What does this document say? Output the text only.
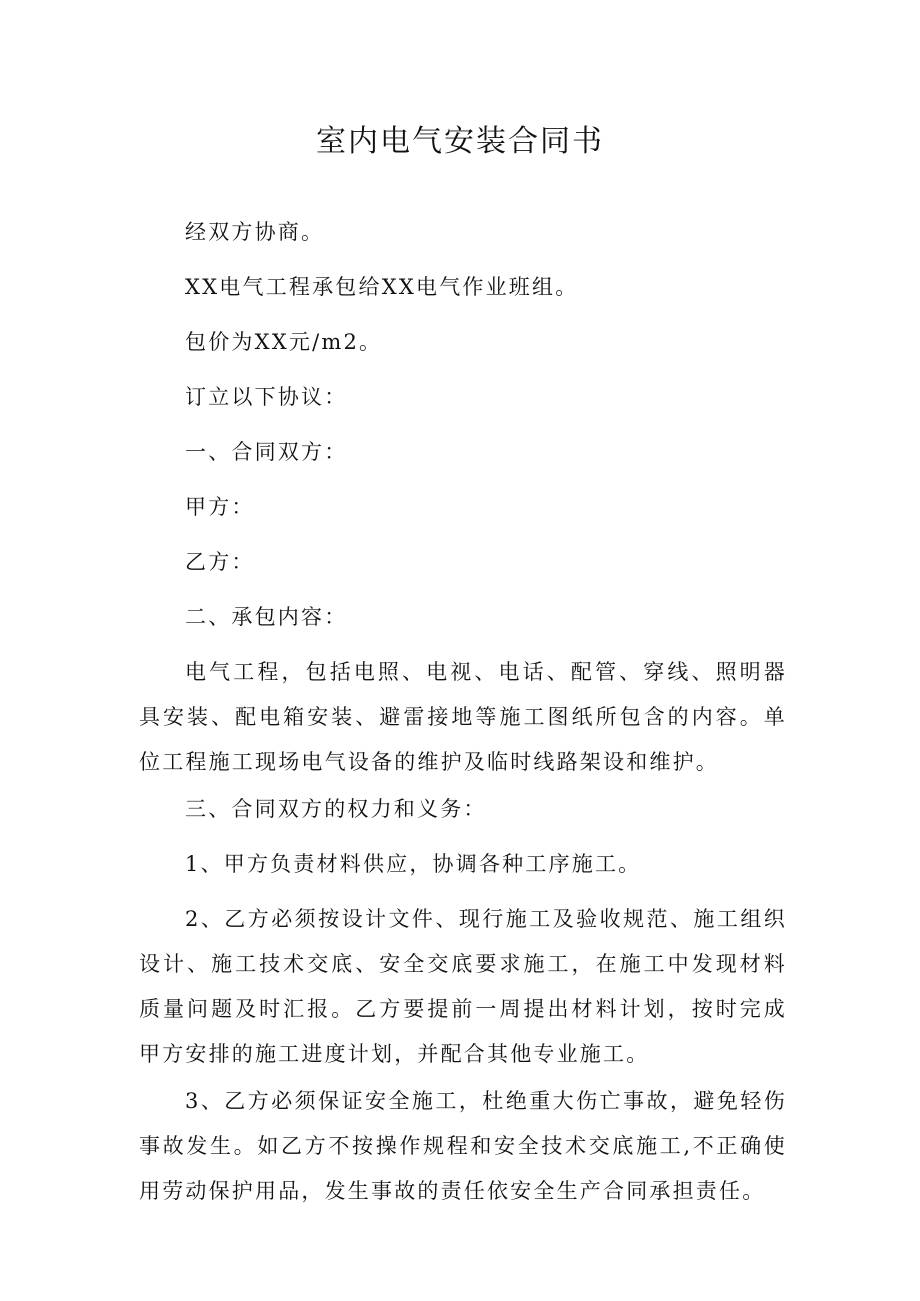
室内电气安装合同书

经双方协商。

XX电气工程承包给XX电气作业班组。

包价为XX元/m2。

订立以下协议：

一、合同双方：

甲方：

乙方：

二、承包内容：

电气工程，包括电照、电视、电话、配管、穿线、照明器具安装、配电箱安装、避雷接地等施工图纸所包含的内容。单位工程施工现场电气设备的维护及临时线路架设和维护。

三、合同双方的权力和义务：

1、甲方负责材料供应，协调各种工序施工。

2、乙方必须按设计文件、现行施工及验收规范、施工组织设计、施工技术交底、安全交底要求施工，在施工中发现材料质量问题及时汇报。乙方要提前一周提出材料计划，按时完成甲方安排的施工进度计划，并配合其他专业施工。

3、乙方必须保证安全施工，杜绝重大伤亡事故，避免轻伤事故发生。如乙方不按操作规程和安全技术交底施工,不正确使用劳动保护用品，发生事故的责任依安全生产合同承担责任。
